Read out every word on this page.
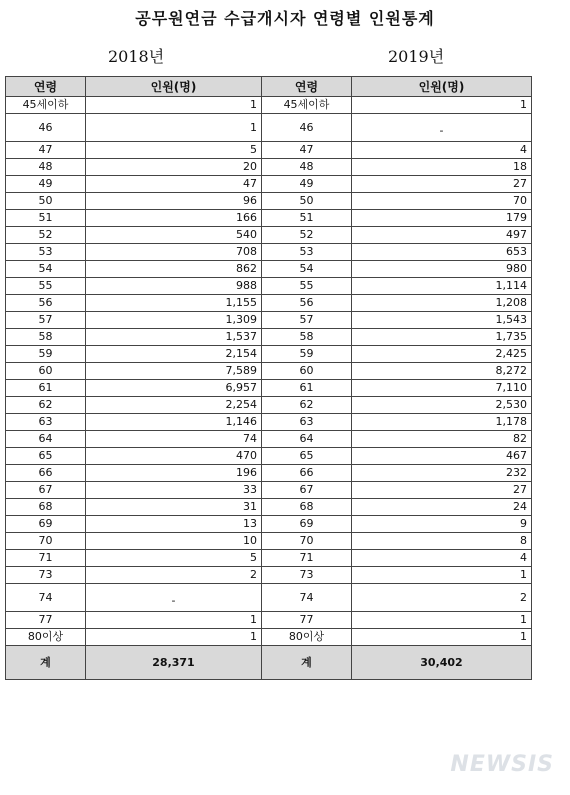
공무원연금 수급개시자 연령별 인원통계
2018년	2019년
연령	인원(명)	연령	인원(명)
45세이하	1	45세이하	1
46	1	46	-
47	5	47	4
48	20	48	18
49	47	49	27
50	96	50	70
51	166	51	179
52	540	52	497
53	708	53	653
54	862	54	980
55	988	55	1,114
56	1,155	56	1,208
57	1,309	57	1,543
58	1,537	58	1,735
59	2,154	59	2,425
60	7,589	60	8,272
61	6,957	61	7,110
62	2,254	62	2,530
63	1,146	63	1,178
64	74	64	82
65	470	65	467
66	196	66	232
67	33	67	27
68	31	68	24
69	13	69	9
70	10	70	8
71	5	71	4
73	2	73	1
74	-	74	2
77	1	77	1
80이상	1	80이상	1
계	28,371	계	30,402
NEWSIS
